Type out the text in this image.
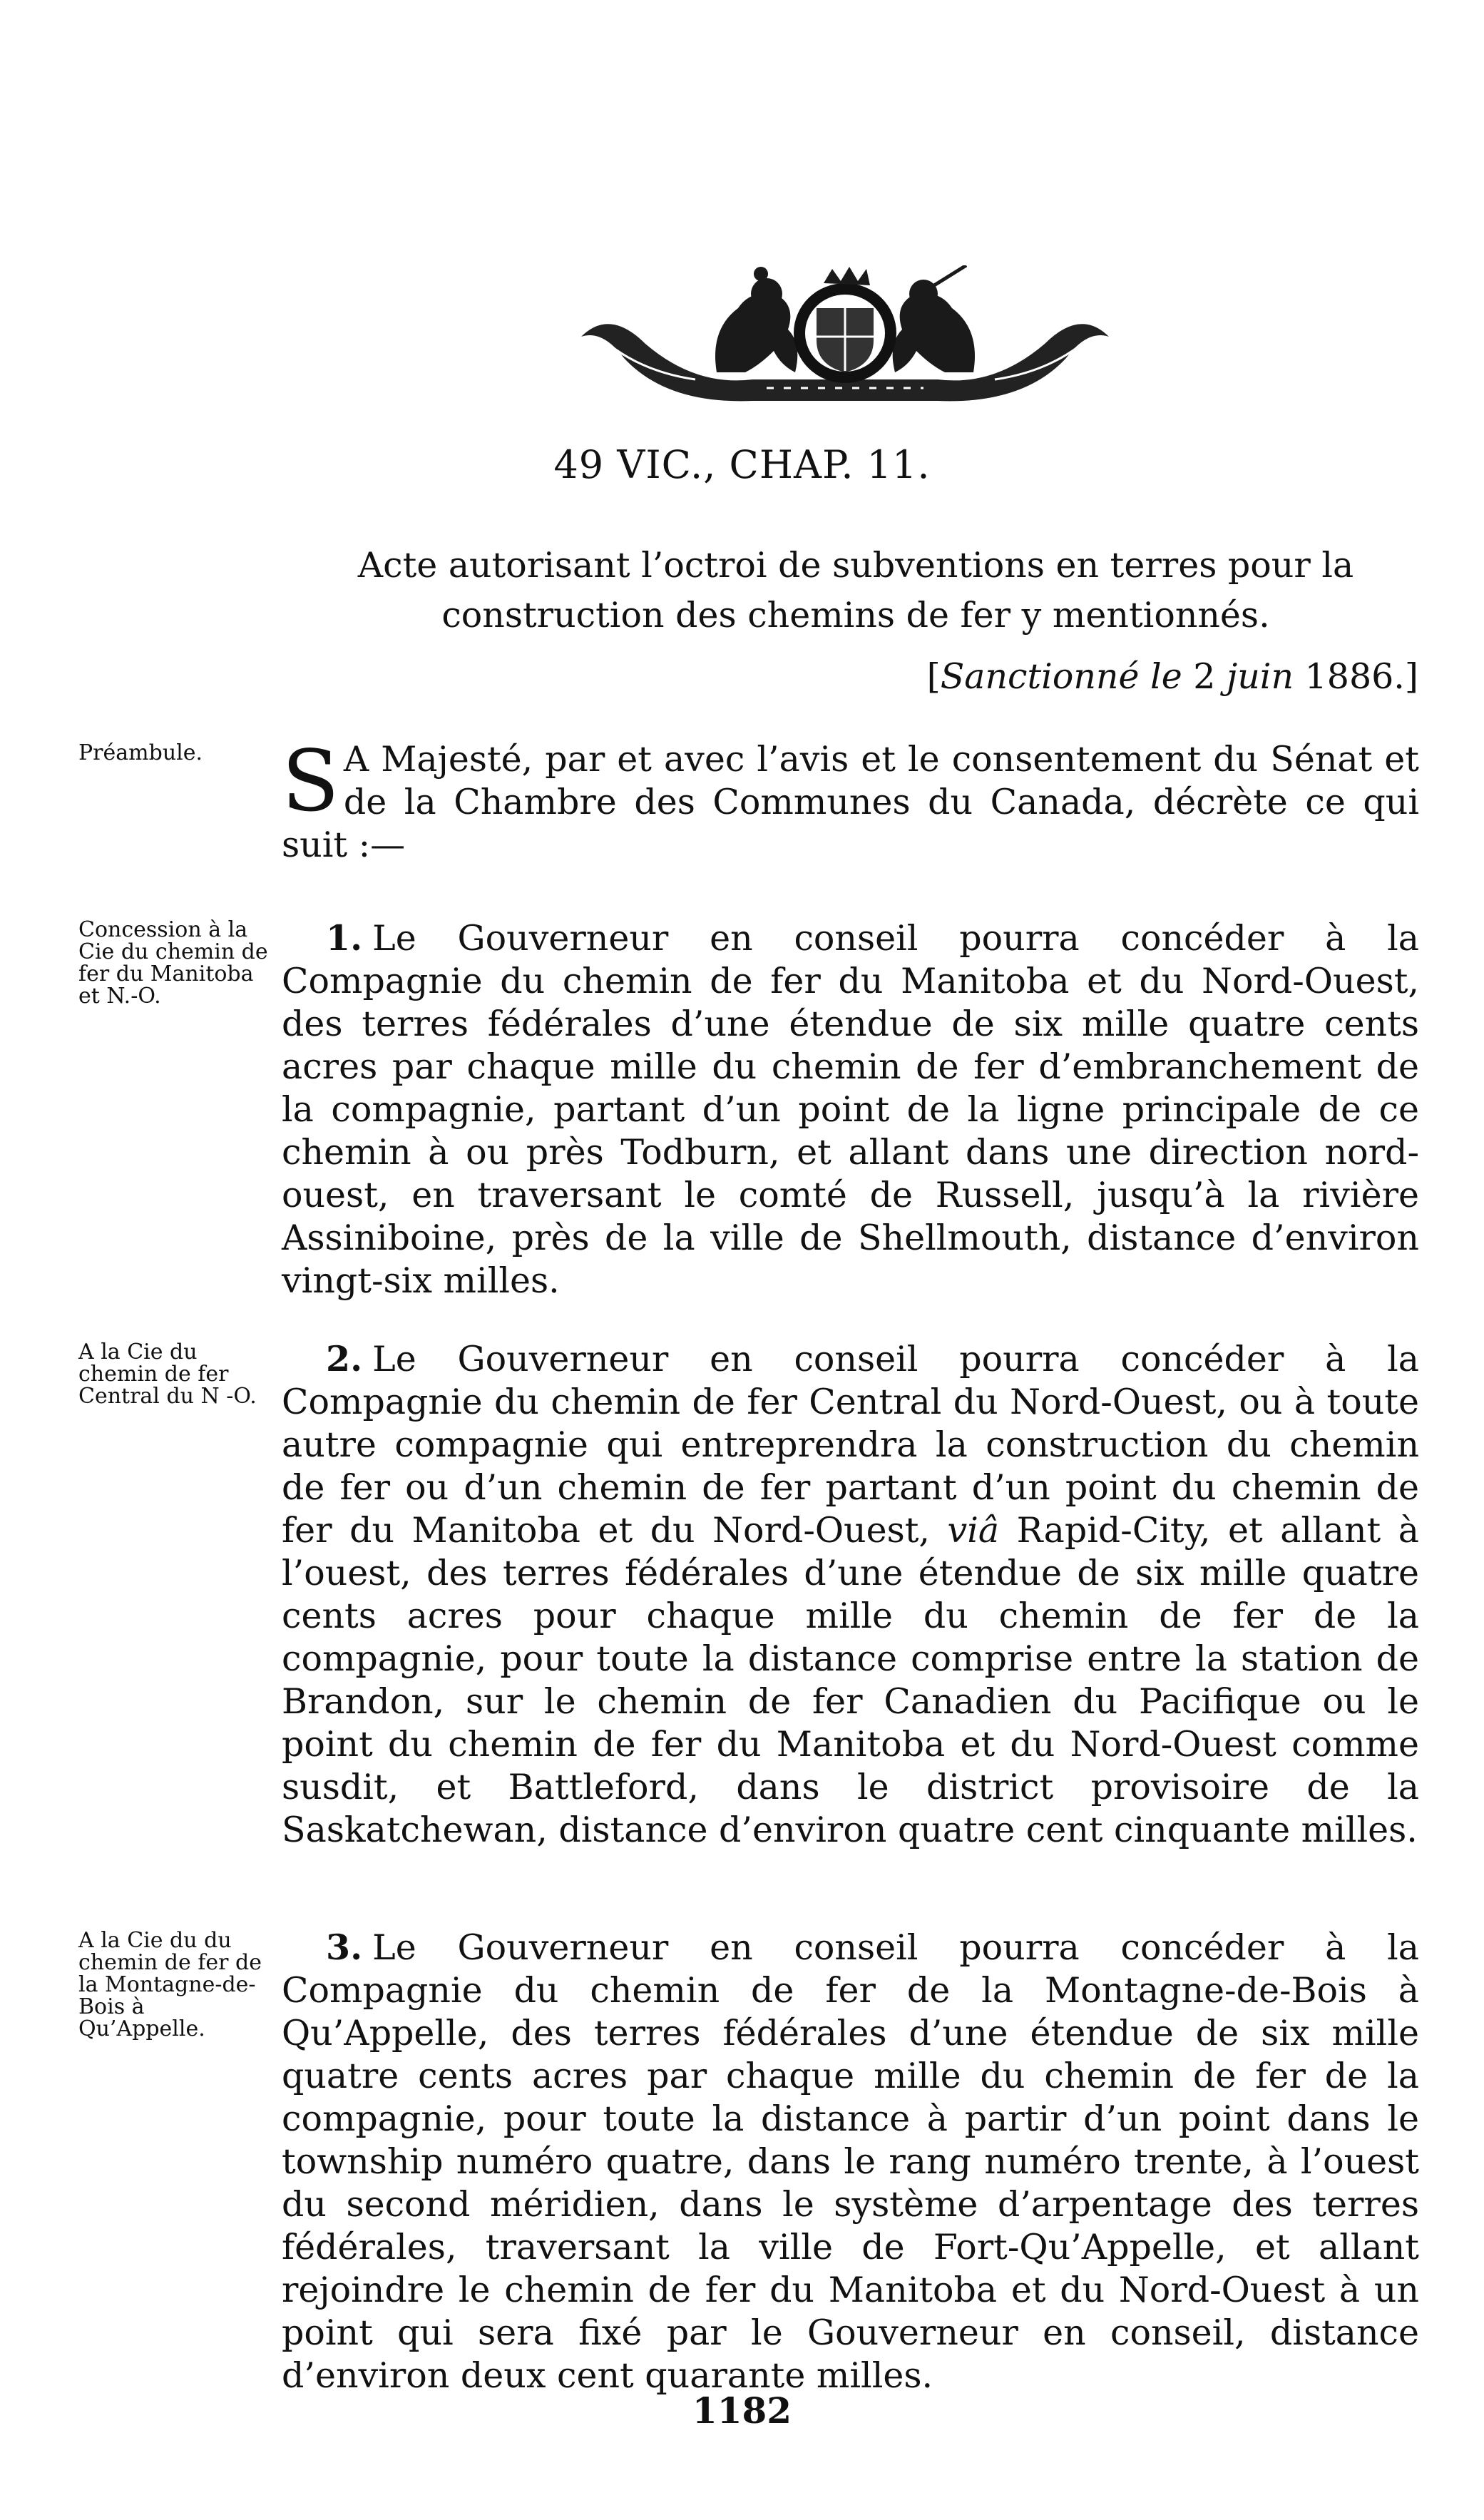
49 VIC., CHAP. 11.
Acte autorisant l’octroi de subventions en terres pour la construction des chemins de fer y mentionnés.
[Sanctionné le 2 juin 1886.]
Préambule. S A Majesté, par et avec l’avis et le consentement du Sénat et de la Chambre des Communes du Canada, décrète ce qui suit :—
Concession à la Cie du chemin de fer du Manitoba et N.-O.
1. Le Gouverneur en conseil pourra concéder à la Compagnie du chemin de fer du Manitoba et du Nord-Ouest, des terres fédérales d’une étendue de six mille quatre cents acres par chaque mille du chemin de fer d’embranchement de la compagnie, partant d’un point de la ligne principale de ce chemin à ou près Todburn, et allant dans une direction nord-ouest, en traversant le comté de Russell, jusqu’à la rivière Assiniboine, près de la ville de Shellmouth, distance d’environ vingt-six milles.
A la Cie du chemin de fer Central du N -O.
2. Le Gouverneur en conseil pourra concéder à la Compagnie du chemin de fer Central du Nord-Ouest, ou à toute autre compagnie qui entreprendra la construction du chemin de fer ou d’un chemin de fer partant d’un point du chemin de fer du Manitoba et du Nord-Ouest, viâ Rapid-City, et allant à l’ouest, des terres fédérales d’une étendue de six mille quatre cents acres pour chaque mille du chemin de fer de la compagnie, pour toute la distance comprise entre la station de Brandon, sur le chemin de fer Canadien du Pacifique ou le point du chemin de fer du Manitoba et du Nord-Ouest comme susdit, et Battleford, dans le district provisoire de la Saskatchewan, distance d’environ quatre cent cinquante milles.
A la Cie du du chemin de fer de la Montagne-de-Bois à Qu’Appelle.
3. Le Gouverneur en conseil pourra concéder à la Compagnie du chemin de fer de la Montagne-de-Bois à Qu’Appelle, des terres fédérales d’une étendue de six mille quatre cents acres par chaque mille du chemin de fer de la compagnie, pour toute la distance à partir d’un point dans le township numéro quatre, dans le rang numéro trente, à l’ouest du second méridien, dans le système d’arpentage des terres fédérales, traversant la ville de Fort-Qu’Appelle, et allant rejoindre le chemin de fer du Manitoba et du Nord-Ouest à un point qui sera fixé par le Gouverneur en conseil, distance d’environ deux cent quarante milles.
1182
